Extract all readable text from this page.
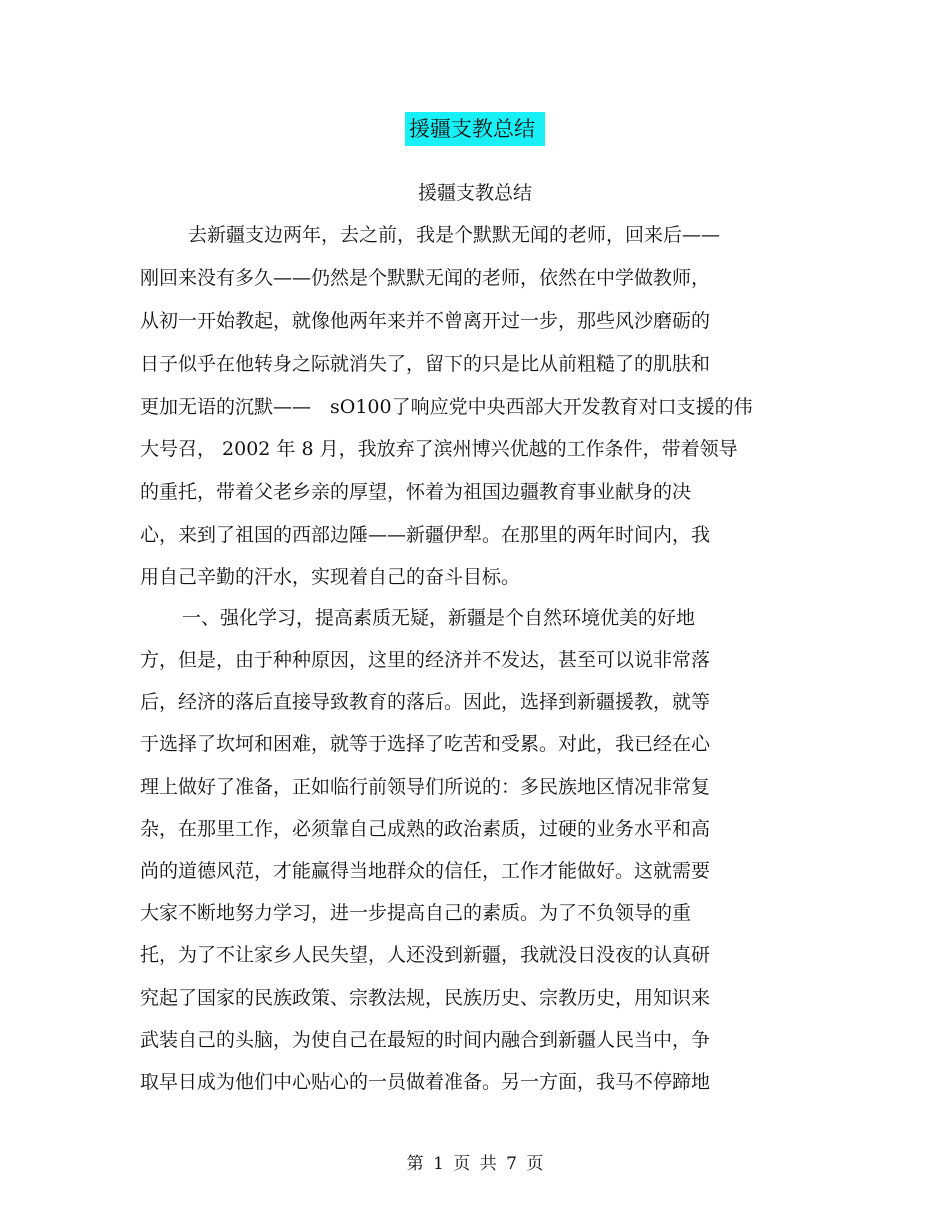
援疆支教总结
援疆支教总结
去新疆支边两年，去之前，我是个默默无闻的老师，回来后——
刚回来没有多久——仍然是个默默无闻的老师，依然在中学做教师，
从初一开始教起，就像他两年来并不曾离开过一步，那些风沙磨砺的
日子似乎在他转身之际就消失了，留下的只是比从前粗糙了的肌肤和
更加无语的沉默——　sO100了响应党中央西部大开发教育对口支援的伟
大号召， 2002 年 8 月，我放弃了滨州博兴优越的工作条件，带着领导
的重托，带着父老乡亲的厚望，怀着为祖国边疆教育事业献身的决
心，来到了祖国的西部边陲——新疆伊犁。在那里的两年时间内，我
用自己辛勤的汗水，实现着自己的奋斗目标。
一、强化学习，提高素质无疑，新疆是个自然环境优美的好地
方，但是，由于种种原因，这里的经济并不发达，甚至可以说非常落
后，经济的落后直接导致教育的落后。因此，选择到新疆援教，就等
于选择了坎坷和困难，就等于选择了吃苦和受累。对此，我已经在心
理上做好了准备，正如临行前领导们所说的：多民族地区情况非常复
杂，在那里工作，必须靠自己成熟的政治素质，过硬的业务水平和高
尚的道德风范，才能赢得当地群众的信任，工作才能做好。这就需要
大家不断地努力学习，进一步提高自己的素质。为了不负领导的重
托，为了不让家乡人民失望，人还没到新疆，我就没日没夜的认真研
究起了国家的民族政策、宗教法规，民族历史、宗教历史，用知识来
武装自己的头脑，为使自己在最短的时间内融合到新疆人民当中，争
取早日成为他们中心贴心的一员做着准备。另一方面，我马不停蹄地
第 1 页 共 7 页
